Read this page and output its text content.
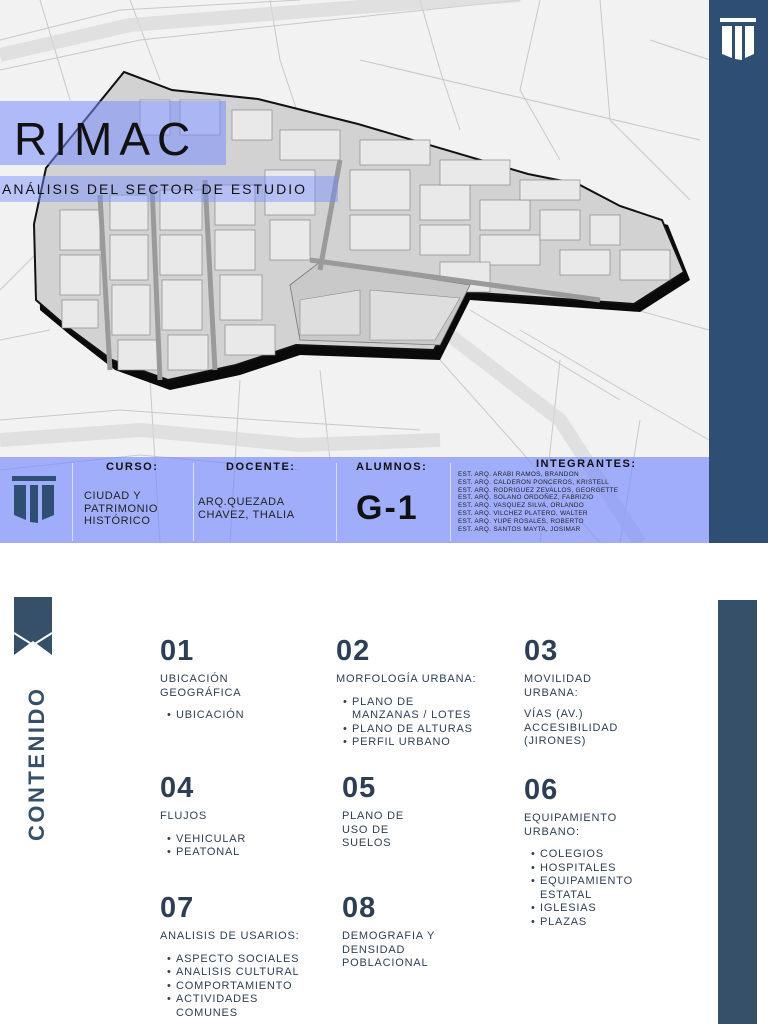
RIMAC
ANÁLISIS DEL SECTOR DE ESTUDIO
CURSO:
CIUDAD Y
PATRIMONIO
HISTÓRICO
DOCENTE:
ARQ.QUEZADA
CHAVEZ, THALIA
ALUMNOS:
G-1
INTEGRANTES:
EST. ARQ. ARABI RAMOS, BRANDON
EST. ARQ. CALDERON PONCEROS, KRISTELL
EST. ARQ. RODRIGUEZ ZEVALLOS, GEORGETTE
EST. ARQ. SOLANO ORDOÑEZ, FABRIZIO
EST. ARQ. VASQUEZ SILVA, ORLANDO
EST. ARQ. VILCHEZ PLATERO, WALTER
EST. ARQ. YUPE ROSALES, ROBERTO
EST. ARQ. SANTOS MAYTA, JOSIMAR
CONTENIDO
01
UBICACIÓN
GEOGRÁFICA
• UBICACIÓN
02
MORFOLOGÍA URBANA:
• PLANO DE
MANZANAS / LOTES
• PLANO DE ALTURAS
• PERFIL URBANO
03
MOVILIDAD
URBANA:
VÍAS (AV.)
ACCESIBILIDAD
(JIRONES)
04
FLUJOS
• VEHICULAR
• PEATONAL
05
PLANO DE
USO DE
SUELOS
06
EQUIPAMIENTO
URBANO:
• COLEGIOS
• HOSPITALES
• EQUIPAMIENTO
ESTATAL
• IGLESIAS
• PLAZAS
07
ANALISIS DE USARIOS:
• ASPECTO SOCIALES
• ANALISIS CULTURAL
• COMPORTAMIENTO
• ACTIVIDADES
COMUNES
08
DEMOGRAFIA Y
DENSIDAD
POBLACIONAL
